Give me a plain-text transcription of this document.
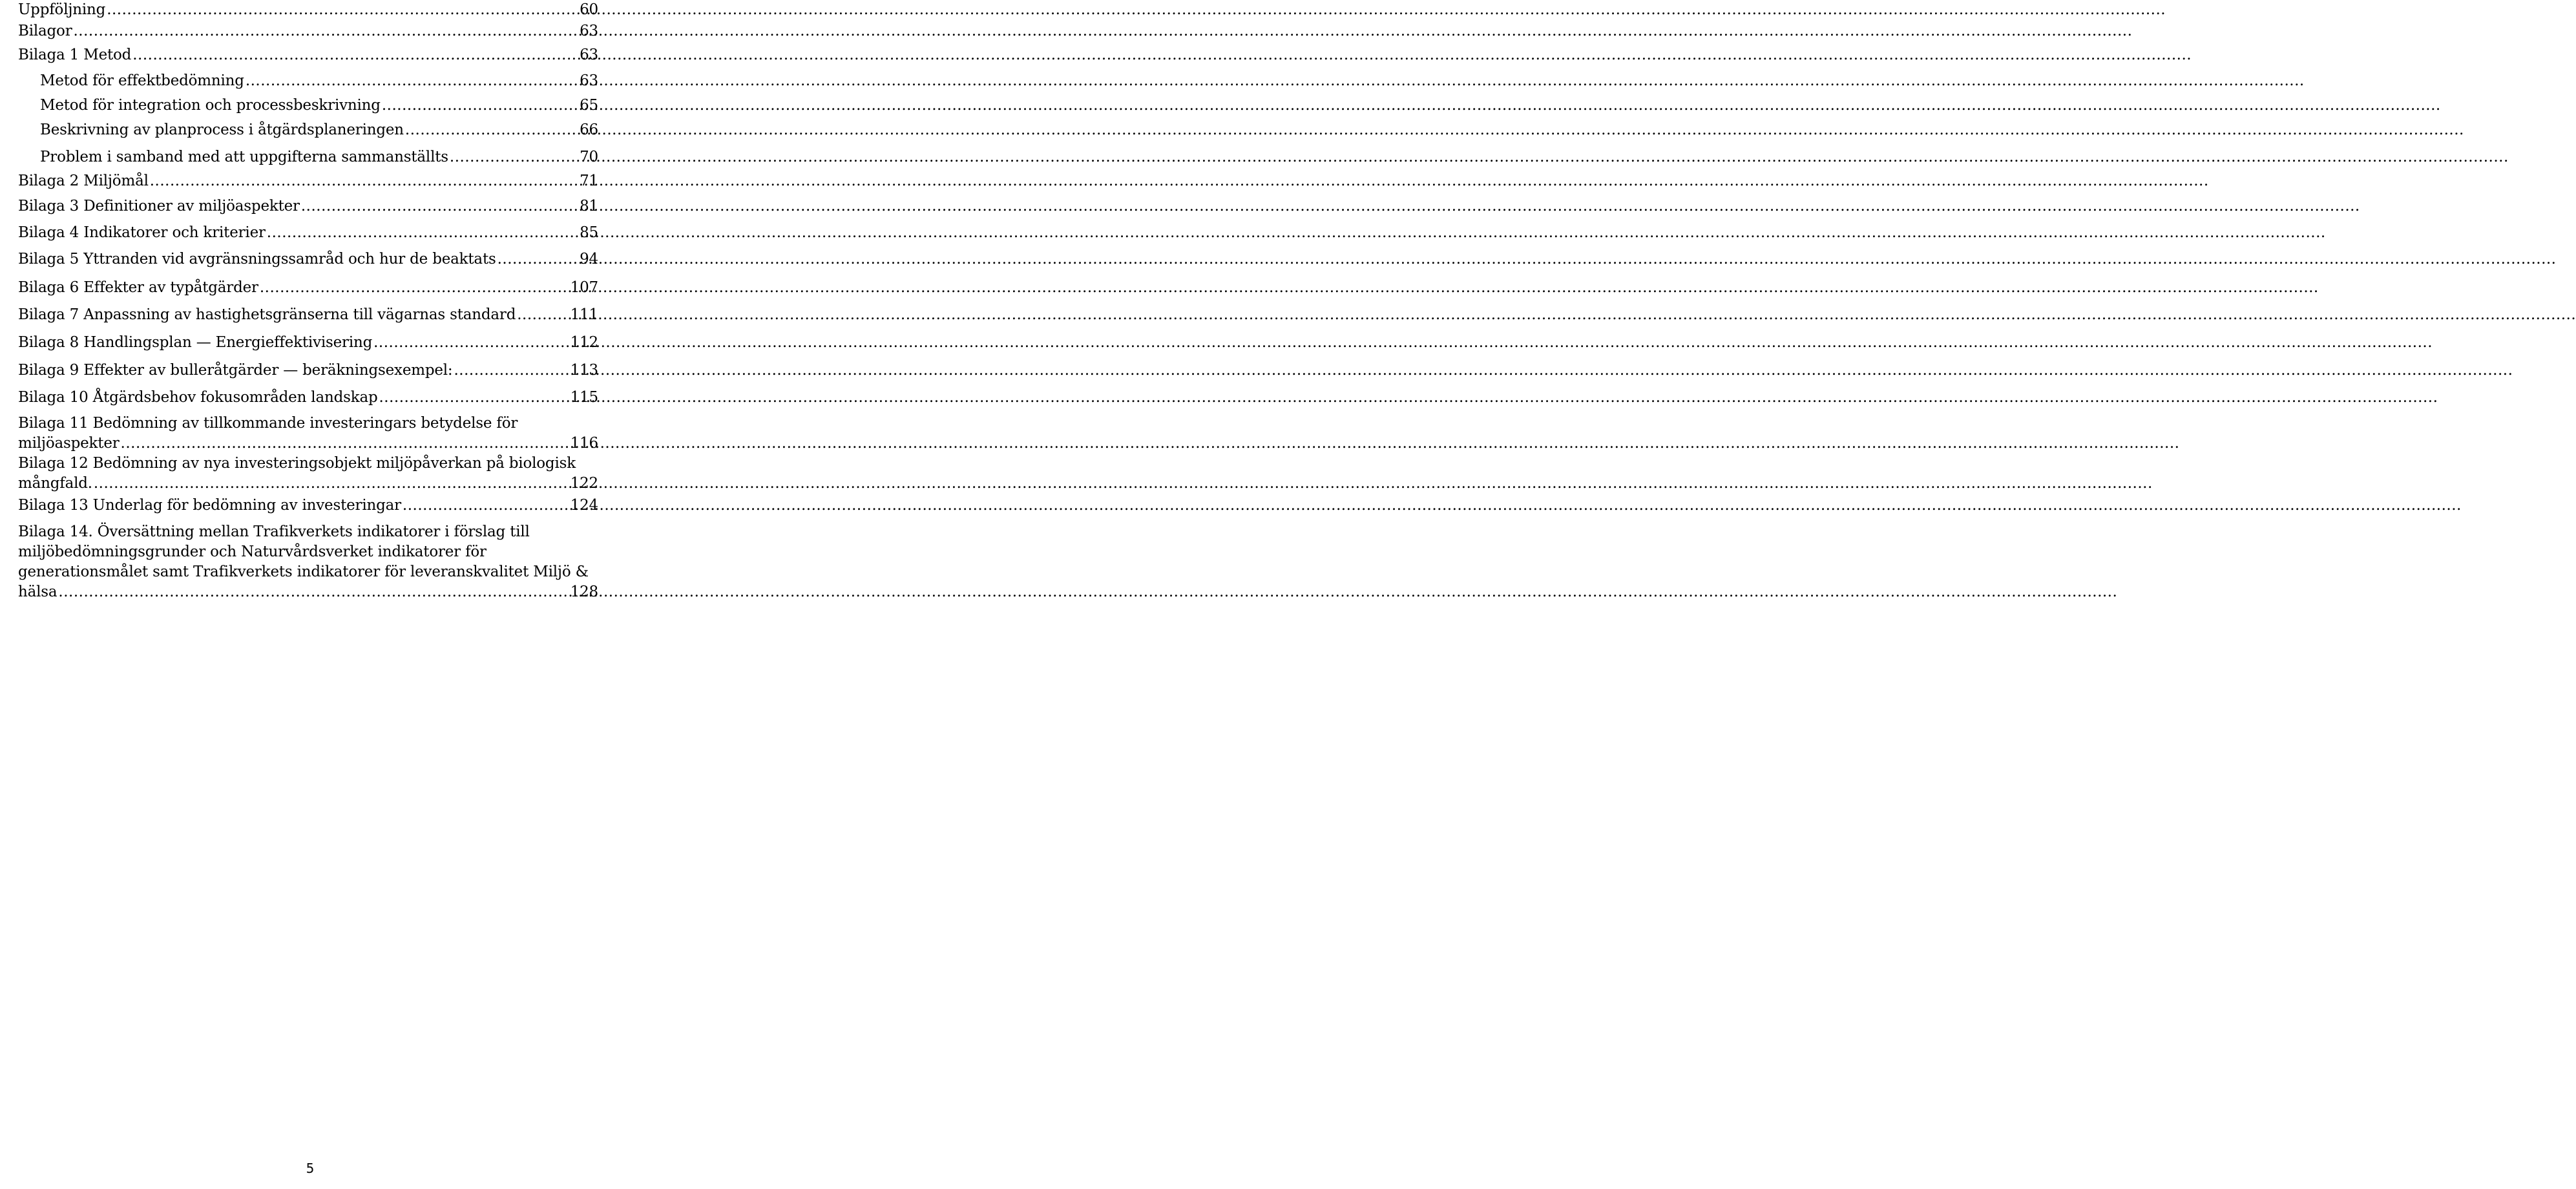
Uppföljning .....	60
Bilagor .....	63
Bilaga 1 Metod .....	63
Metod för effektbedömning .....	63
Metod för integration och processbeskrivning .....	65
Beskrivning av planprocess i åtgärdsplaneringen .....	66
Problem i samband med att uppgifterna sammanställts .....	70
Bilaga 2 Miljömål .....	71
Bilaga 3 Definitioner av miljöaspekter .....	81
Bilaga 4 Indikatorer och kriterier .....	85
Bilaga 5 Yttranden vid avgränsningssamråd och hur de beaktats .....	94
Bilaga 6 Effekter av typåtgärder .....	107
Bilaga 7 Anpassning av hastighetsgränserna till vägarnas standard .....	111
Bilaga 8 Handlingsplan — Energieffektivisering .....	112
Bilaga 9 Effekter av bulleråtgärder — beräkningsexempel: .....	113
Bilaga 10 Åtgärdsbehov fokusområden landskap .....	115
Bilaga 11 Bedömning av tillkommande investeringars betydelse för
miljöaspekter .....	116
Bilaga 12 Bedömning av nya investeringsobjekt miljöpåverkan på biologisk
mångfald. .....	122
Bilaga 13 Underlag för bedömning av investeringar .....	124
Bilaga 14. Översättning mellan Trafikverkets indikatorer i förslag till
miljöbedömningsgrunder och Naturvårdsverket indikatorer för
generationsmålet samt Trafikverkets indikatorer för leveranskvalitet Miljö &
hälsa .....	128
5
